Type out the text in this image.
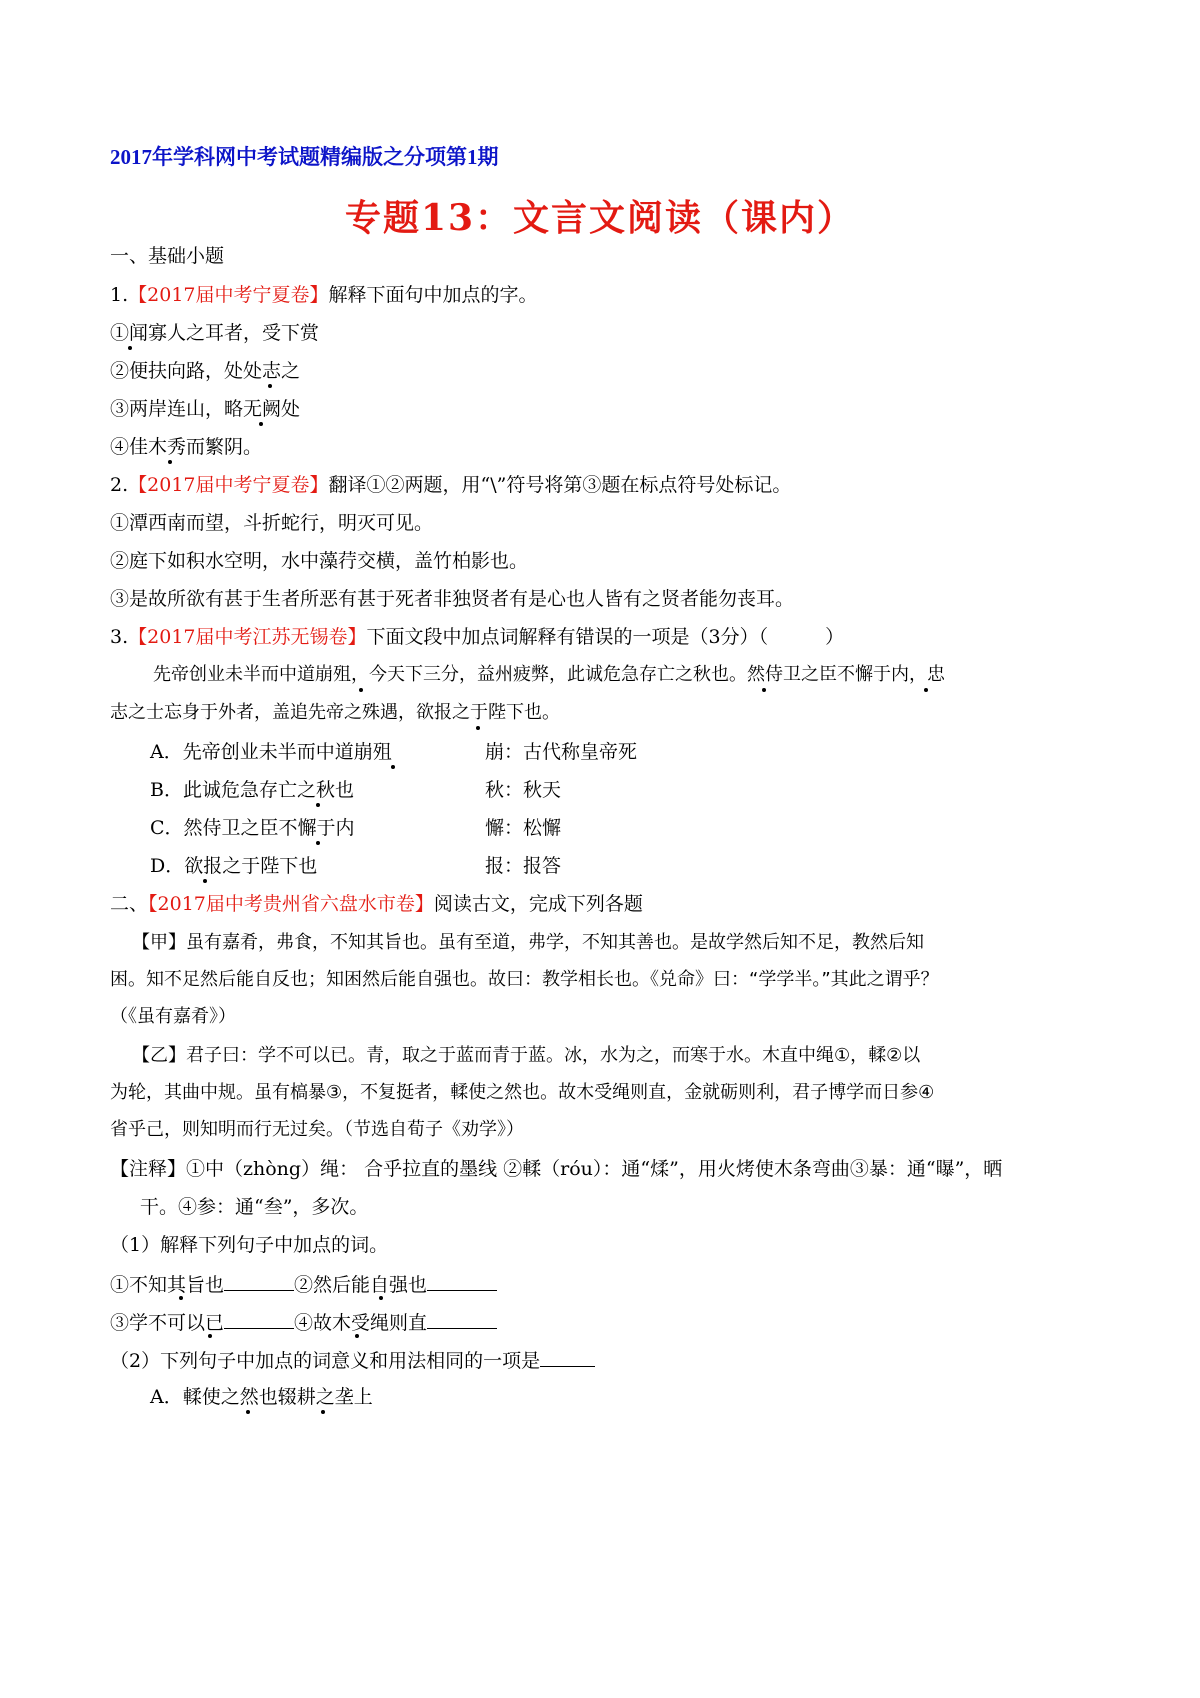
2017年学科网中考试题精编版之分项第1期
专题13：文言文阅读（课内）
一、基础小题
1.【2017届中考宁夏卷】解释下面句中加点的字。
①闻寡人之耳者，受下赏
②便扶向路，处处志之
③两岸连山，略无阙处
④佳木秀而繁阴。
2.【2017届中考宁夏卷】翻译①②两题，用“\”符号将第③题在标点符号处标记。
①潭西南而望，斗折蛇行，明灭可见。
②庭下如积水空明，水中藻荇交横，盖竹柏影也。
③是故所欲有甚于生者所恶有甚于死者非独贤者有是心也人皆有之贤者能勿丧耳。
3.【2017届中考江苏无锡卷】下面文段中加点词解释有错误的一项是（3分）（　　　）
先帝创业未半而中道崩殂，今天下三分，益州疲弊，此诚危急存亡之秋也。然侍卫之臣不懈于内，忠
志之士忘身于外者，盖追先帝之殊遇，欲报之于陛下也。
A．先帝创业未半而中道崩殂	崩：古代称皇帝死
B．此诚危急存亡之秋也	秋：秋天
C．然侍卫之臣不懈于内	懈：松懈
D．欲报之于陛下也	报：报答
二、【2017届中考贵州省六盘水市卷】阅读古文，完成下列各题
【甲】虽有嘉肴，弗食，不知其旨也。虽有至道，弗学，不知其善也。是故学然后知不足，教然后知
困。知不足然后能自反也；知困然后能自强也。故曰：教学相长也。《兑命》曰：“学学半。”其此之谓乎？
（《虽有嘉肴》）
【乙】君子曰：学不可以已。青，取之于蓝而青于蓝。冰，水为之，而寒于水。木直中绳①，輮②以
为轮，其曲中规。虽有槁暴③，不复挺者，輮使之然也。故木受绳则直，金就砺则利，君子博学而日参④
省乎己，则知明而行无过矣。（节选自荀子《劝学》）
【注释】①中（zhòng）绳： 合乎拉直的墨线 ②輮（róu）：通“煣”，用火烤使木条弯曲③暴：通“曝”，晒
干。④参：通“叁”，多次。
（1）解释下列句子中加点的词。
①不知其旨也	②然后能自强也
③学不可以已	④故木受绳则直
（2）下列句子中加点的词意义和用法相同的一项是
A．輮使之然也辍耕之垄上
